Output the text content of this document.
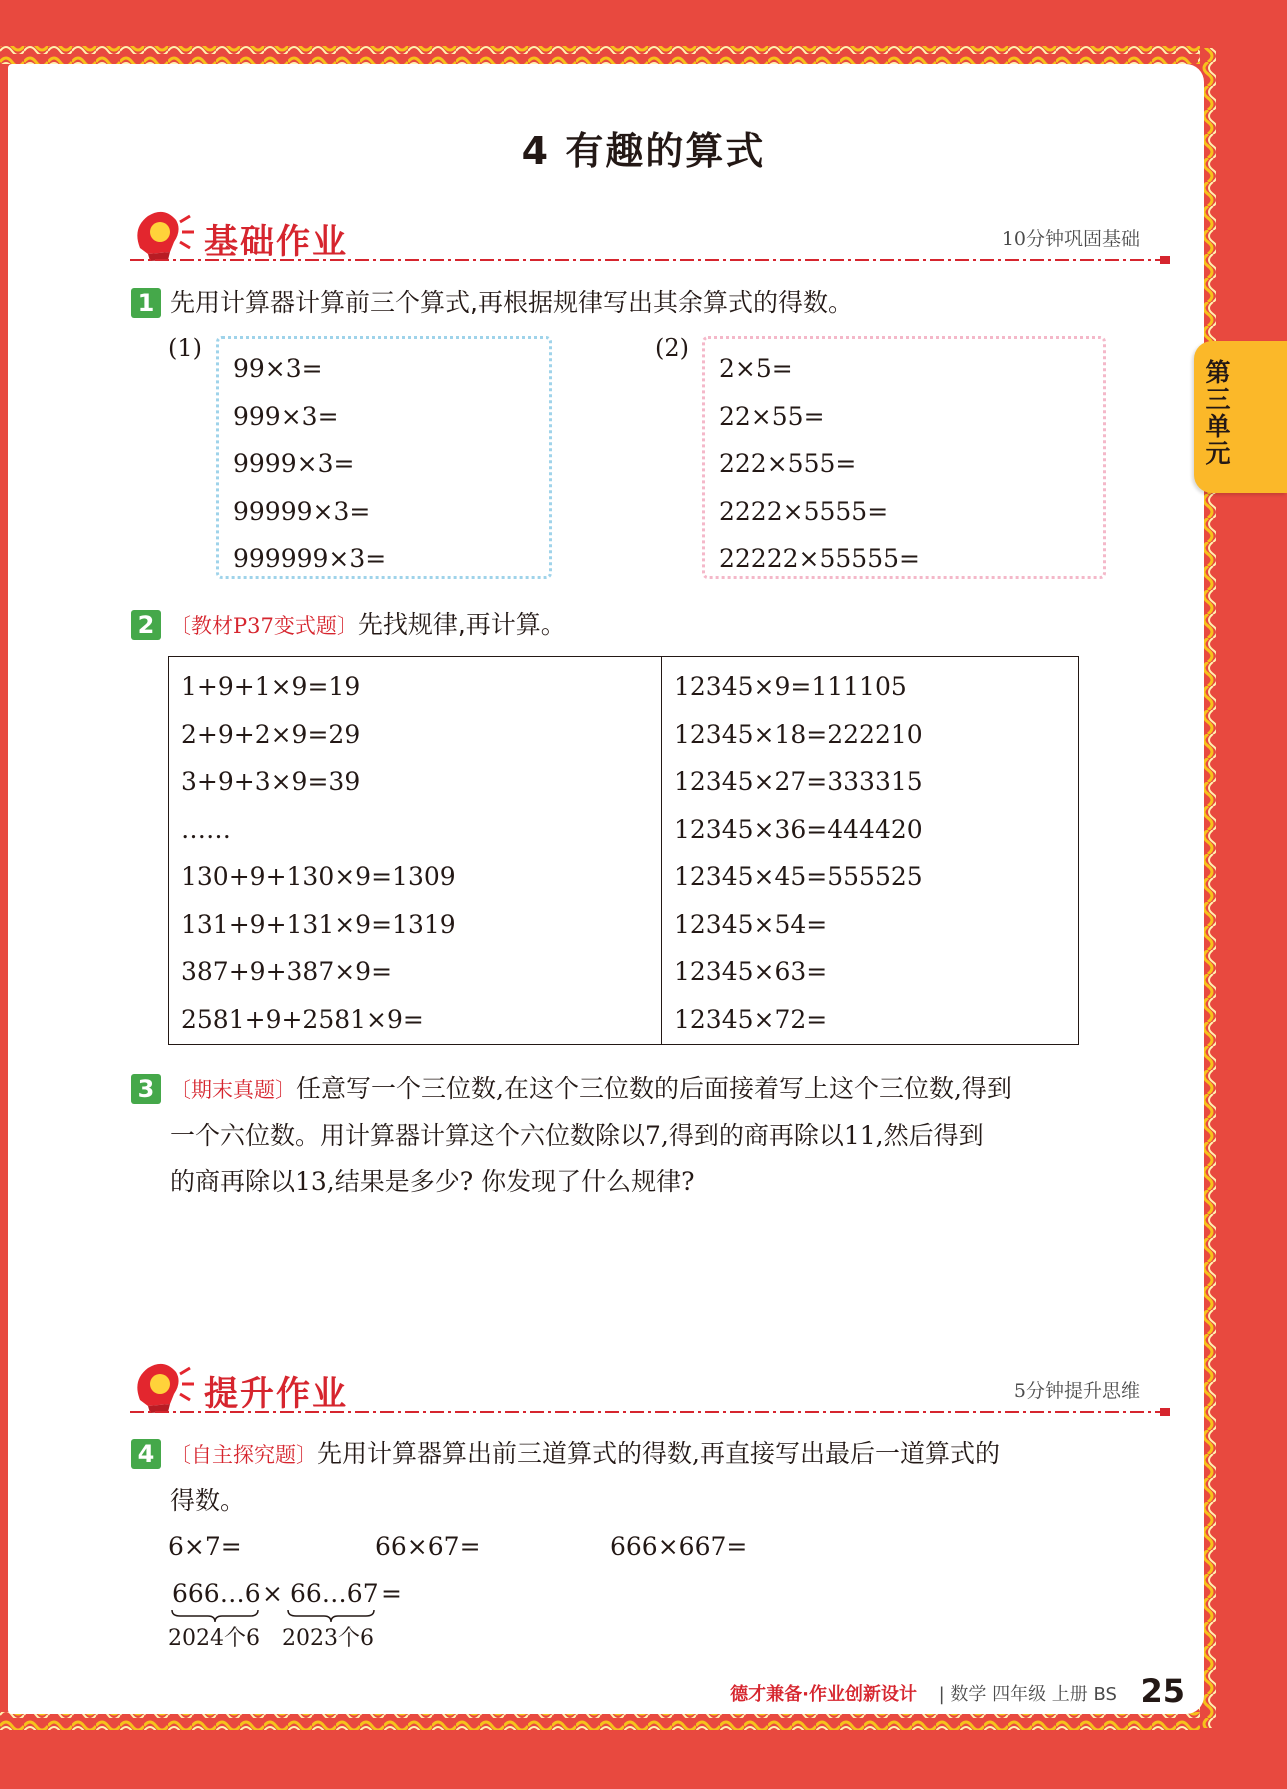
第三单元
4 有趣的算式
基础作业	10分钟巩固基础
1 先用计算器计算前三个算式,再根据规律写出其余算式的得数。
(1)
99×3=
999×3=
9999×3=
99999×3=
999999×3=
(2)
2×5=
22×55=
222×555=
2222×5555=
22222×55555=
2 〔教材P37变式题〕先找规律,再计算。
1+9+1×9=19
2+9+2×9=29
3+9+3×9=39
……
130+9+130×9=1309
131+9+131×9=1319
387+9+387×9=
2581+9+2581×9=
12345×9=111105
12345×18=222210
12345×27=333315
12345×36=444420
12345×45=555525
12345×54=
12345×63=
12345×72=
3 〔期末真题〕任意写一个三位数,在这个三位数的后面接着写上这个三位数,得到
一个六位数。用计算器计算这个六位数除以7,得到的商再除以11,然后得到
的商再除以13,结果是多少? 你发现了什么规律?
提升作业	5分钟提升思维
4 〔自主探究题〕先用计算器算出前三道算式的得数,再直接写出最后一道算式的
得数。
6×7=	66×67=	666×667=
666…6 × 66…67 =
2024个6 2023个6
德才兼备·作业创新设计 | 数学 四年级 上册 BS 25
